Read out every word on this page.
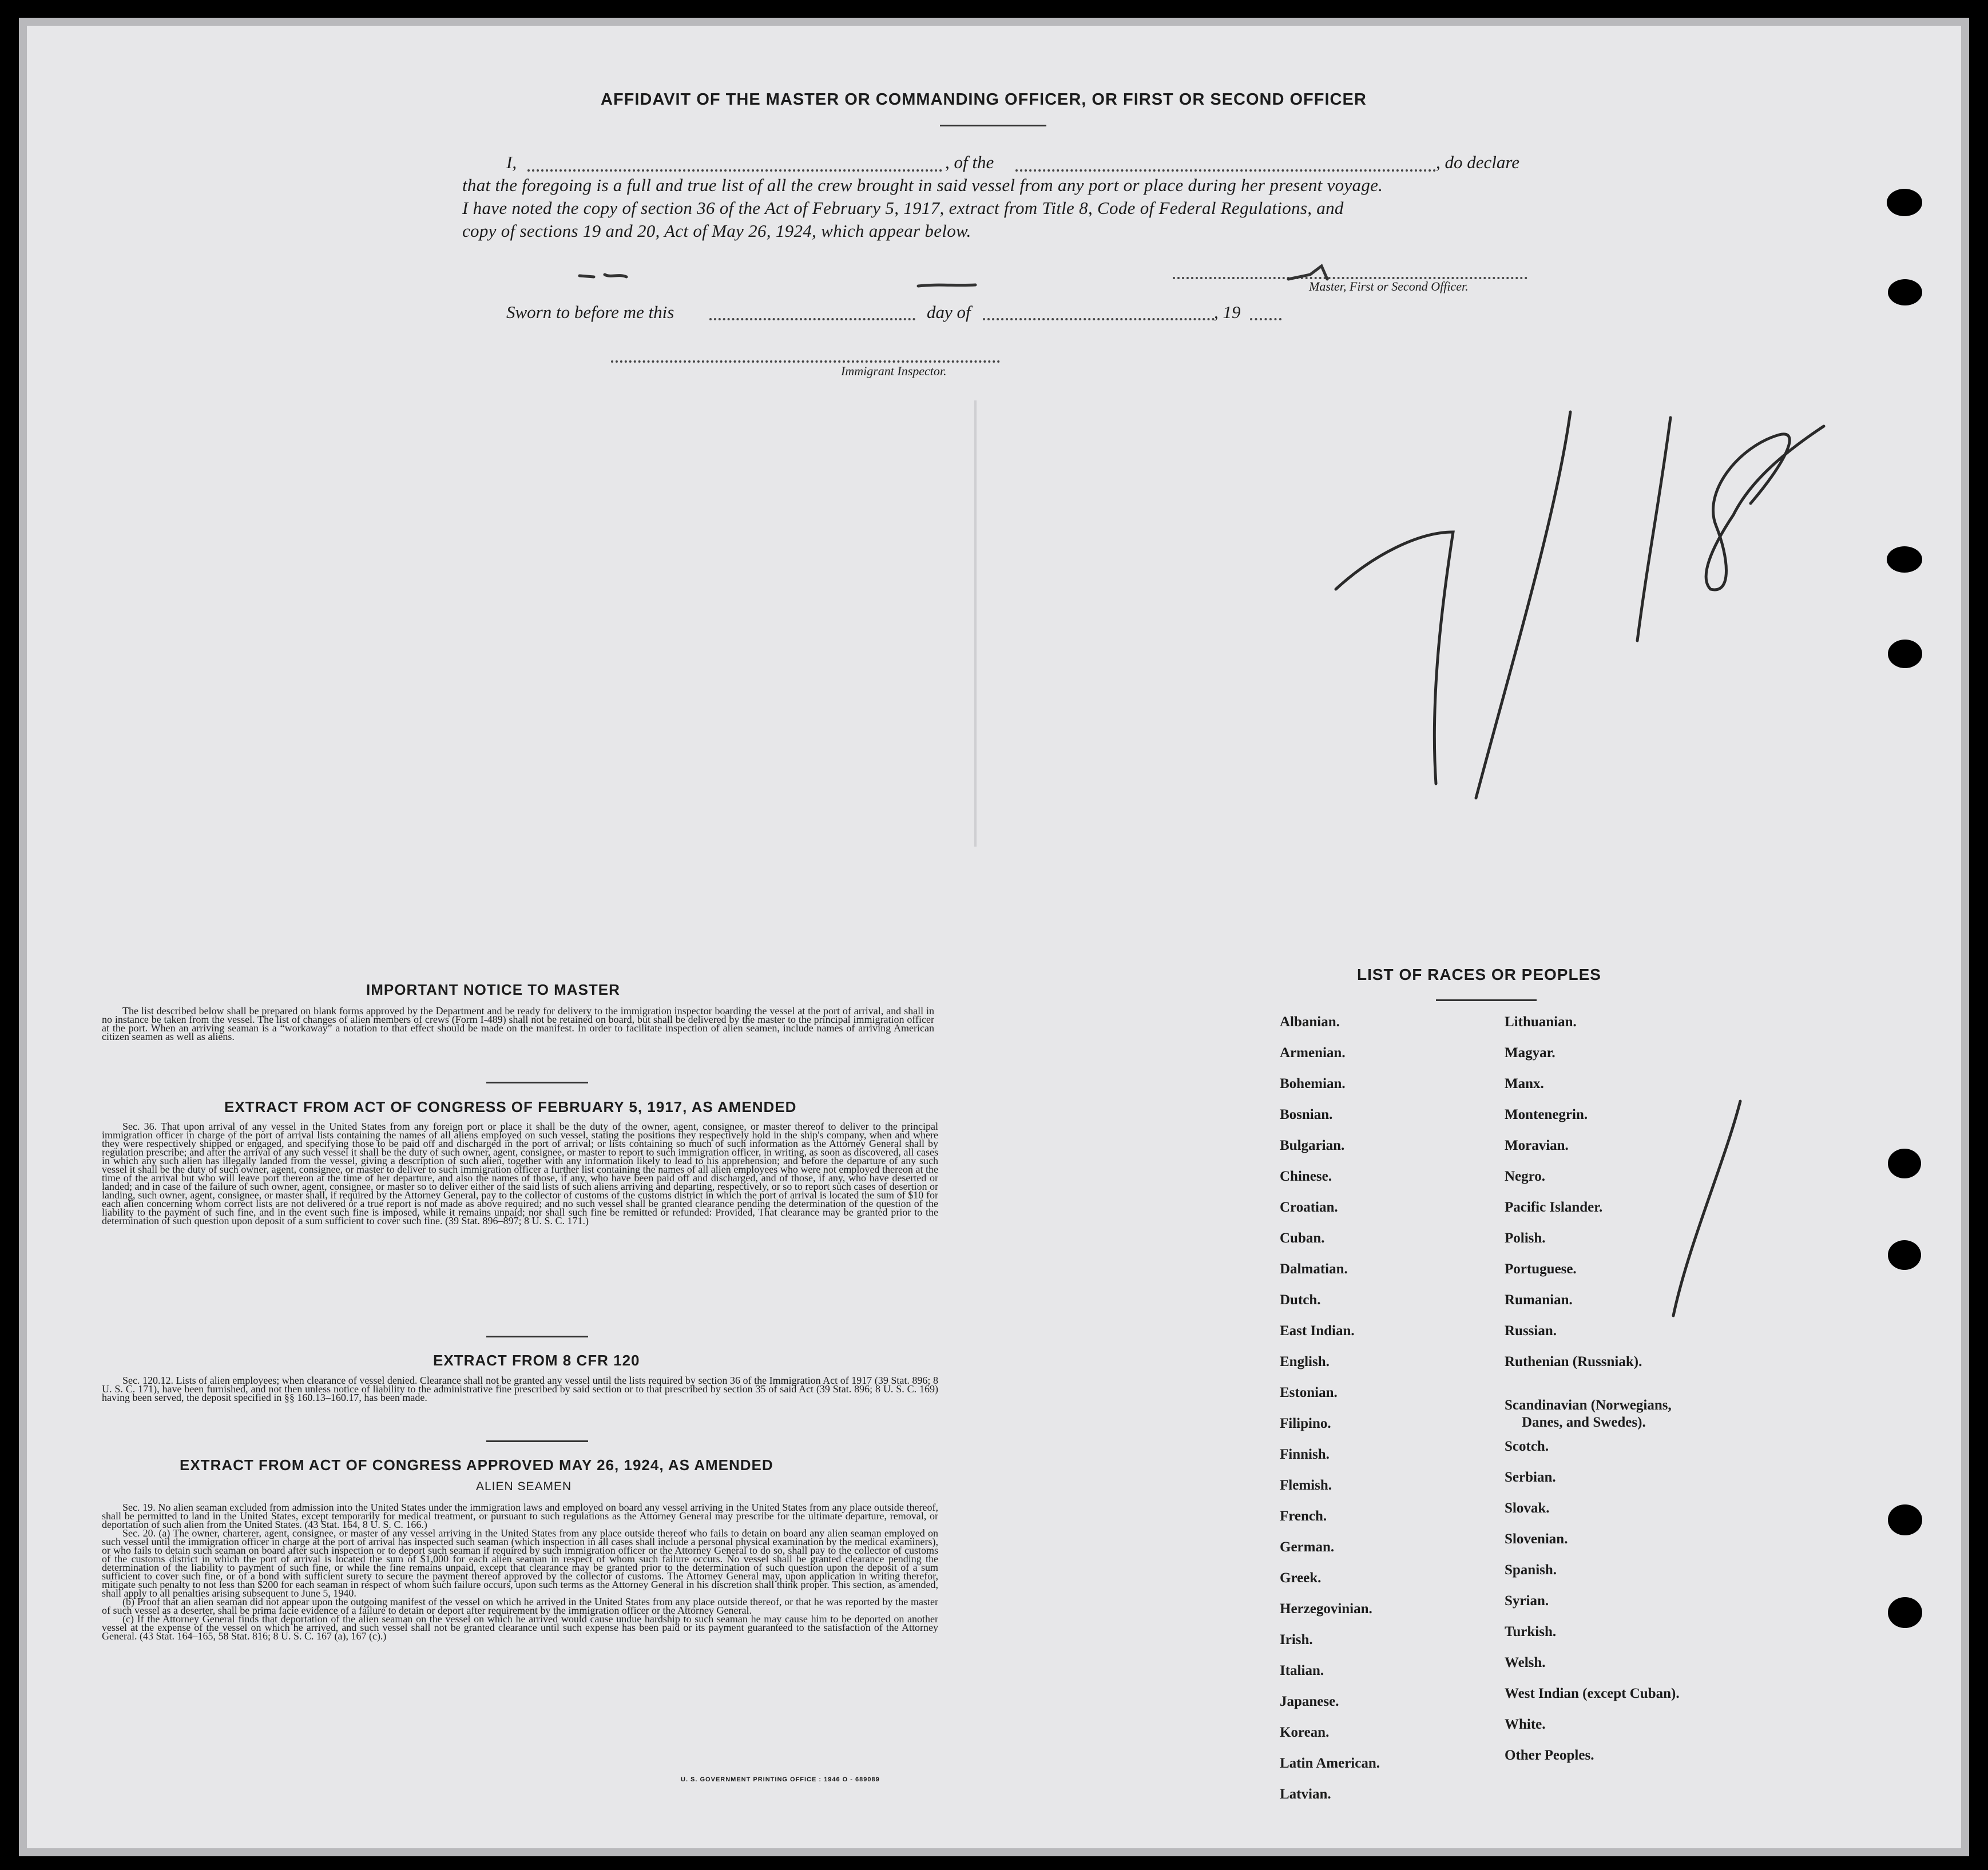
AFFIDAVIT OF THE MASTER OR COMMANDING OFFICER, OR FIRST OR SECOND OFFICER
I,	, of the	, do declare
that the foregoing is a full and true list of all the crew brought in said vessel from any port or place during her present voyage.
I have noted the copy of section 36 of the Act of February 5, 1917, extract from Title 8, Code of Federal Regulations, and
copy of sections 19 and 20, Act of May 26, 1924, which appear below.
Master, First or Second Officer.
Sworn to before me this	day of	, 19
Immigrant Inspector.
IMPORTANT NOTICE TO MASTER
The list described below shall be prepared on blank forms approved by the Department and be ready for delivery to the immigration inspector boarding the vessel at the port of arrival, and shall in no instance be taken from the vessel. The list of changes of alien members of crews (Form I-489) shall not be retained on board, but shall be delivered by the master to the principal immigration officer at the port. When an arriving seaman is a “workaway” a notation to that effect should be made on the manifest. In order to facilitate inspection of alien seamen, include names of arriving American citizen seamen as well as aliens.
EXTRACT FROM ACT OF CONGRESS OF FEBRUARY 5, 1917, AS AMENDED
Sec. 36. That upon arrival of any vessel in the United States from any foreign port or place it shall be the duty of the owner, agent, consignee, or master thereof to deliver to the principal immigration officer in charge of the port of arrival lists containing the names of all aliens employed on such vessel, stating the positions they respectively hold in the ship's company, when and where they were respectively shipped or engaged, and specifying those to be paid off and discharged in the port of arrival; or lists containing so much of such information as the Attorney General shall by regulation prescribe; and after the arrival of any such vessel it shall be the duty of such owner, agent, consignee, or master to report to such immigration officer, in writing, as soon as discovered, all cases in which any such alien has illegally landed from the vessel, giving a description of such alien, together with any information likely to lead to his apprehension; and before the departure of any such vessel it shall be the duty of such owner, agent, consignee, or master to deliver to such immigration officer a further list containing the names of all alien employees who were not employed thereon at the time of the arrival but who will leave port thereon at the time of her departure, and also the names of those, if any, who have been paid off and discharged, and of those, if any, who have deserted or landed; and in case of the failure of such owner, agent, consignee, or master so to deliver either of the said lists of such aliens arriving and departing, respectively, or so to report such cases of desertion or landing, such owner, agent, consignee, or master shall, if required by the Attorney General, pay to the collector of customs of the customs district in which the port of arrival is located the sum of $10 for each alien concerning whom correct lists are not delivered or a true report is not made as above required; and no such vessel shall be granted clearance pending the determination of the question of the liability to the payment of such fine, and in the event such fine is imposed, while it remains unpaid; nor shall such fine be remitted or refunded: Provided, That clearance may be granted prior to the determination of such question upon deposit of a sum sufficient to cover such fine. (39 Stat. 896–897; 8 U. S. C. 171.)
EXTRACT FROM 8 CFR 120
Sec. 120.12. Lists of alien employees; when clearance of vessel denied. Clearance shall not be granted any vessel until the lists required by section 36 of the Immigration Act of 1917 (39 Stat. 896; 8 U. S. C. 171), have been furnished, and not then unless notice of liability to the administrative fine prescribed by said section or to that prescribed by section 35 of said Act (39 Stat. 896; 8 U. S. C. 169) having been served, the deposit specified in §§ 160.13–160.17, has been made.
EXTRACT FROM ACT OF CONGRESS APPROVED MAY 26, 1924, AS AMENDED
ALIEN SEAMEN

Sec. 19. No alien seaman excluded from admission into the United States under the immigration laws and employed on board any vessel arriving in the United States from any place outside thereof, shall be permitted to land in the United States, except temporarily for medical treatment, or pursuant to such regulations as the Attorney General may prescribe for the ultimate departure, removal, or deportation of such alien from the United States. (43 Stat. 164, 8 U. S. C. 166.)

Sec. 20. (a) The owner, charterer, agent, consignee, or master of any vessel arriving in the United States from any place outside thereof who fails to detain on board any alien seaman employed on such vessel until the immigration officer in charge at the port of arrival has inspected such seaman (which inspection in all cases shall include a personal physical examination by the medical examiners), or who fails to detain such seaman on board after such inspection or to deport such seaman if required by such immigration officer or the Attorney General to do so, shall pay to the collector of customs of the customs district in which the port of arrival is located the sum of $1,000 for each alien seaman in respect of whom such failure occurs. No vessel shall be granted clearance pending the determination of the liability to payment of such fine, or while the fine remains unpaid, except that clearance may be granted prior to the determination of such question upon the deposit of a sum sufficient to cover such fine, or of a bond with sufficient surety to secure the payment thereof approved by the collector of customs. The Attorney General may, upon application in writing therefor, mitigate such penalty to not less than $200 for each seaman in respect of whom such failure occurs, upon such terms as the Attorney General in his discretion shall think proper. This section, as amended, shall apply to all penalties arising subsequent to June 5, 1940.

(b) Proof that an alien seaman did not appear upon the outgoing manifest of the vessel on which he arrived in the United States from any place outside thereof, or that he was reported by the master of such vessel as a deserter, shall be prima facie evidence of a failure to detain or deport after requirement by the immigration officer or the Attorney General.

(c) If the Attorney General finds that deportation of the alien seaman on the vessel on which he arrived would cause undue hardship to such seaman he may cause him to be deported on another vessel at the expense of the vessel on which he arrived, and such vessel shall not be granted clearance until such expense has been paid or its payment guaranteed to the satisfaction of the Attorney General. (43 Stat. 164–165, 58 Stat. 816; 8 U. S. C. 167 (a), 167 (c).)

U. S. GOVERNMENT PRINTING OFFICE : 1946 O - 689089
LIST OF RACES OR PEOPLES
Albanian.
Armenian.
Bohemian.
Bosnian.
Bulgarian.
Chinese.
Croatian.
Cuban.
Dalmatian.
Dutch.
East Indian.
English.
Estonian.
Filipino.
Finnish.
Flemish.
French.
German.
Greek.
Herzegovinian.
Irish.
Italian.
Japanese.
Korean.
Latin American.
Latvian.
Lithuanian.
Magyar.
Manx.
Montenegrin.
Moravian.
Negro.
Pacific Islander.
Polish.
Portuguese.
Rumanian.
Russian.
Ruthenian (Russniak).
Scandinavian (Norwegians,
Danes, and Swedes).
Scotch.
Serbian.
Slovak.
Slovenian.
Spanish.
Syrian.
Turkish.
Welsh.
West Indian (except Cuban).
White.
Other Peoples.
